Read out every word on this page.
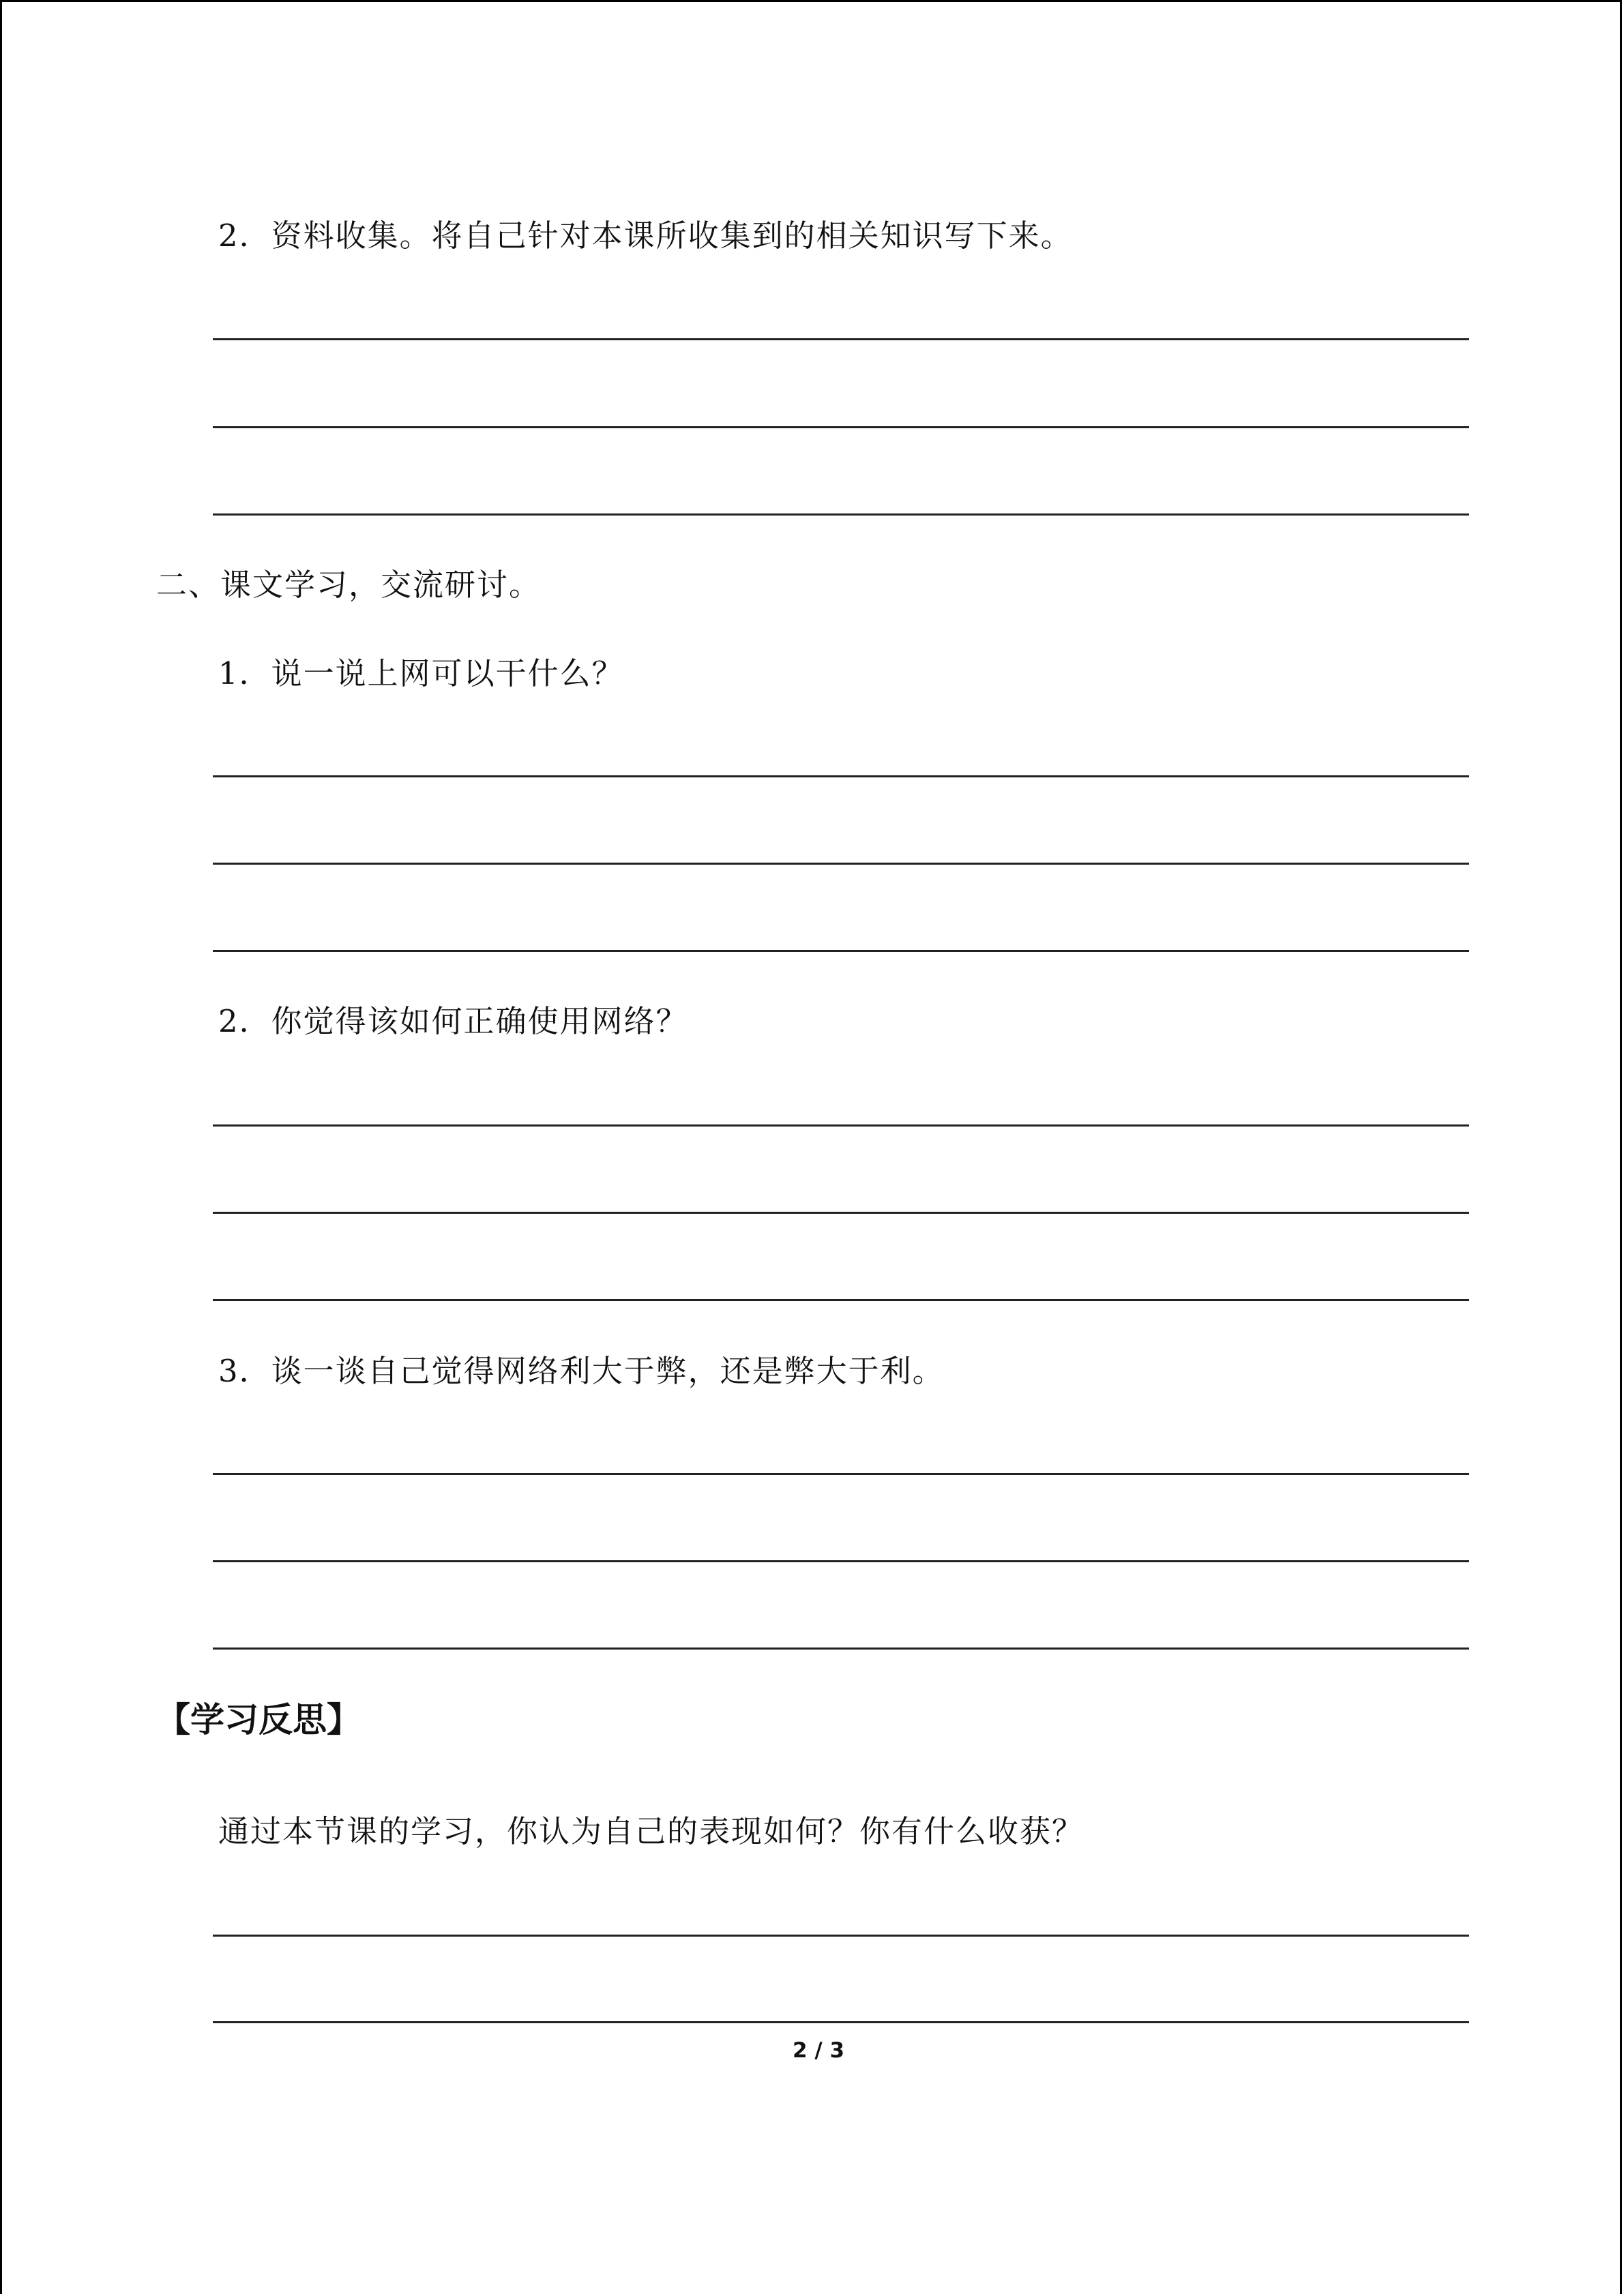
2．资料收集。将自己针对本课所收集到的相关知识写下来。
二、课文学习，交流研讨。
1．说一说上网可以干什么？
2．你觉得该如何正确使用网络？
3．谈一谈自己觉得网络利大于弊，还是弊大于利。
【学习反思】
通过本节课的学习，你认为自己的表现如何？你有什么收获？
2 / 3
